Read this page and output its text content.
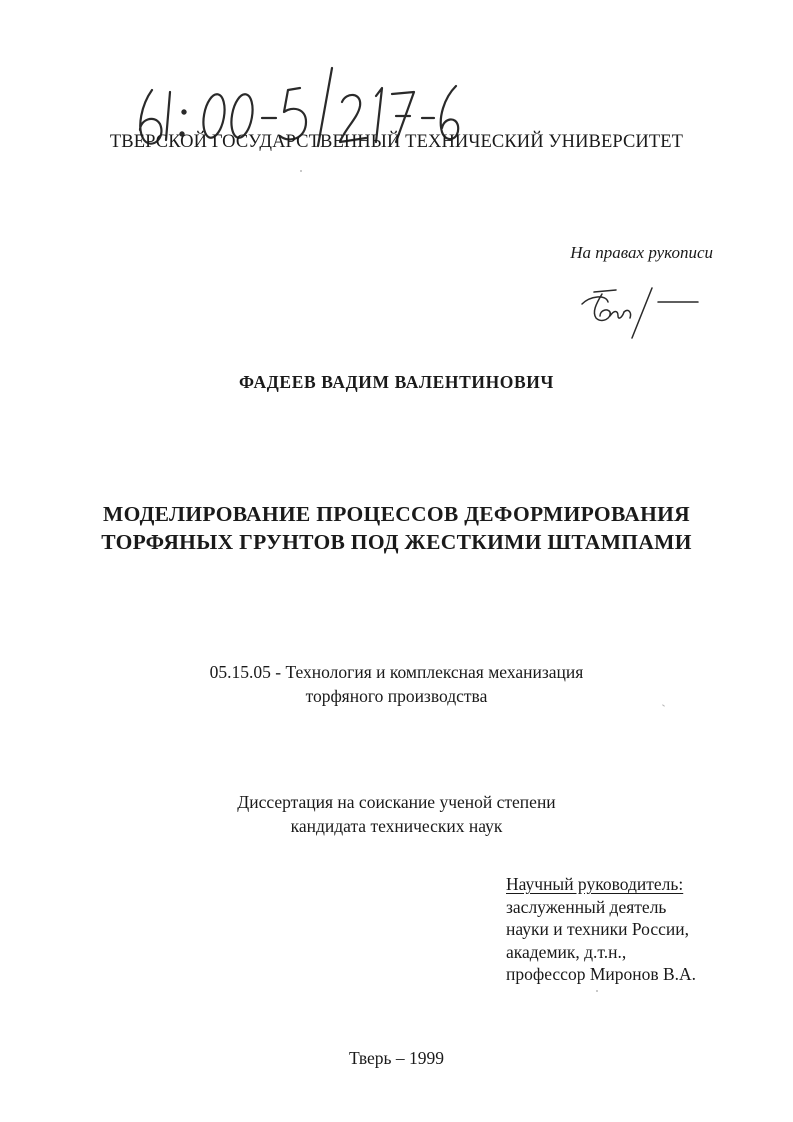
ТВЕРСКОЙ ГОСУДАРСТВЕННЫЙ ТЕХНИЧЕСКИЙ УНИВЕРСИТЕТ
На правах рукописи
ФАДЕЕВ ВАДИМ ВАЛЕНТИНОВИЧ
МОДЕЛИРОВАНИЕ ПРОЦЕССОВ ДЕФОРМИРОВАНИЯ
ТОРФЯНЫХ ГРУНТОВ ПОД ЖЕСТКИМИ ШТАМПАМИ
05.15.05 - Технология и комплексная механизация
торфяного производства
Диссертация на соискание ученой степени
кандидата технических наук
Научный руководитель:
заслуженный деятель
науки и техники России,
академик, д.т.н.,
профессор Миронов В.А.
Тверь – 1999
